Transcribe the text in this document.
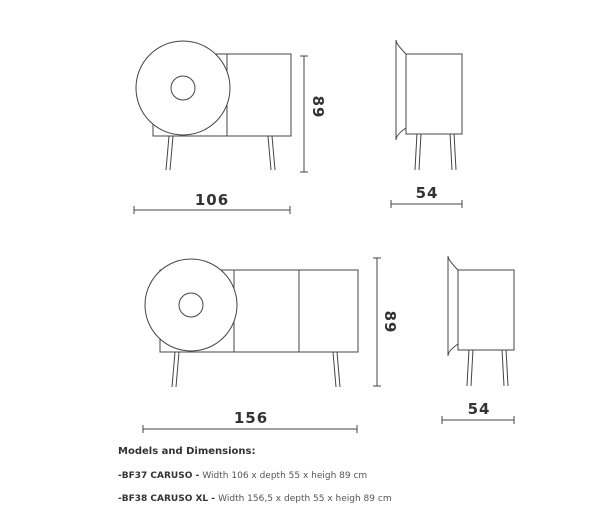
106
89
54
156
89
54
Models and Dimensions:
-BF37 CARUSO - Width 106 x depth 55 x heigh 89 cm
-BF38 CARUSO XL - Width 156,5 x depth 55 x heigh 89 cm
